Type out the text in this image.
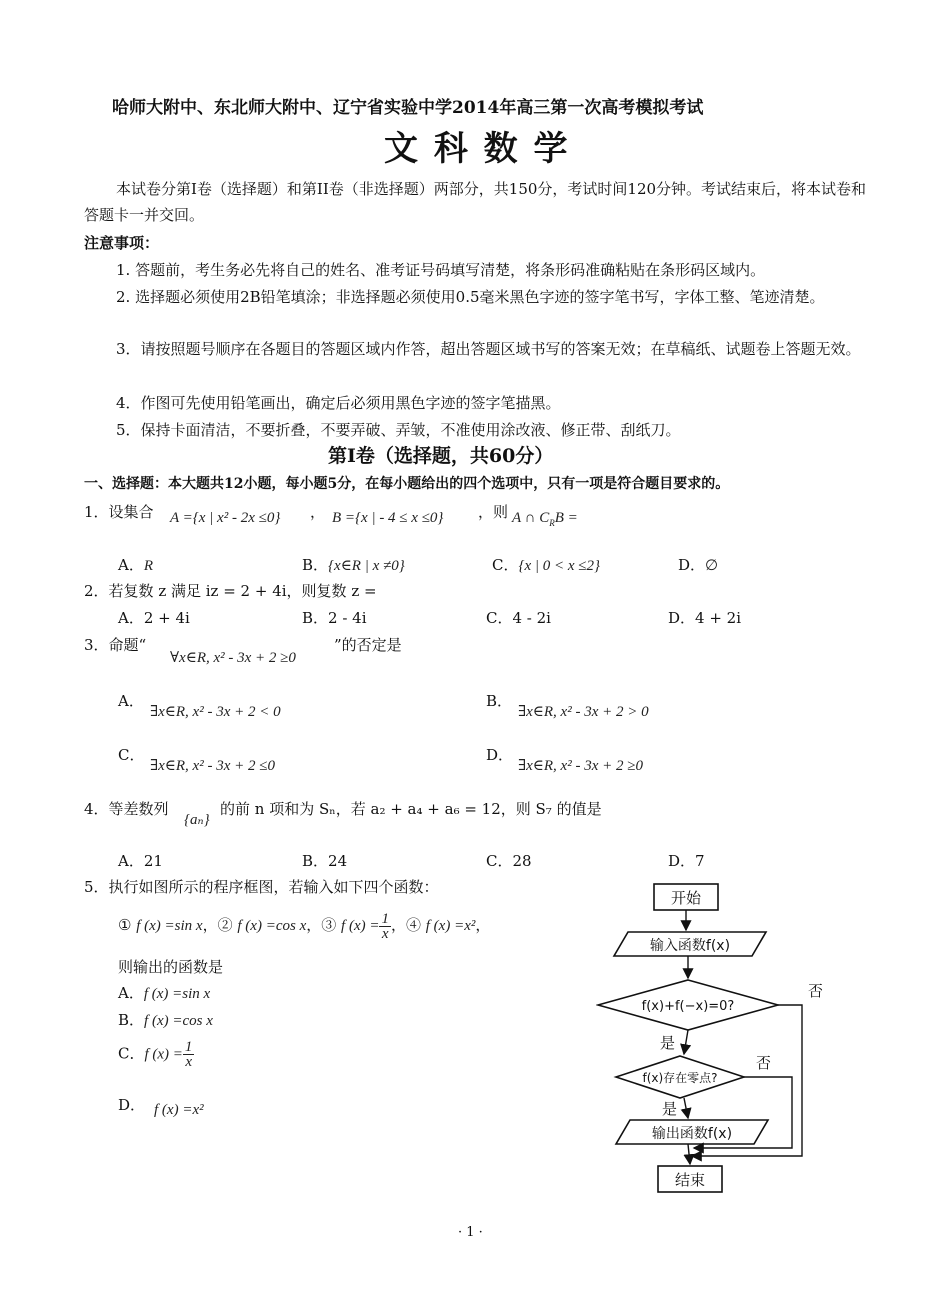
哈师大附中、东北师大附中、辽宁省实验中学2014年高三第一次高考模拟考试
文 科 数 学
本试卷分第I卷（选择题）和第II卷（非选择题）两部分，共150分，考试时间120分钟。考试结束后，将本试卷和答题卡一并交回。
注意事项：
1. 答题前，考生务必先将自己的姓名、准考证号码填写清楚，将条形码准确粘贴在条形码区域内。
2. 选择题必须使用2B铅笔填涂；非选择题必须使用0.5毫米黑色字迹的签字笔书写，字体工整、笔迹清楚。
3．请按照题号顺序在各题目的答题区域内作答，超出答题区域书写的答案无效；在草稿纸、试题卷上答题无效。
4．作图可先使用铅笔画出，确定后必须用黑色字迹的签字笔描黑。
5．保持卡面清洁，不要折叠，不要弄破、弄皱，不准使用涂改液、修正带、刮纸刀。
第I卷（选择题，共60分）
一、选择题：本大题共12小题，每小题5分，在每小题给出的四个选项中，只有一项是符合题目要求的。
1．设集合 A ={x | x² - 2x ≤0} ， B ={x | - 4 ≤ x ≤0} ，则 A ∩ $C_RB$ =
A．R	B．{x∈R | x ≠0}	C．{x | 0 < x ≤2}	D．∅
2．若复数 z 满足 iz = 2 + 4i，则复数 z =
A．2 + 4i	B．2 - 4i	C．4 - 2i	D．4 + 2i
3．命题“
∀x∈R, x² - 3x + 2 ≥0
”的否定是
A．
∃x∈R, x² - 3x + 2 < 0
B．
∃x∈R, x² - 3x + 2 > 0
C．
∃x∈R, x² - 3x + 2 ≤0
D．
∃x∈R, x² - 3x + 2 ≥0
4．等差数列
{aₙ}
的前 n 项和为 Sₙ，若 a₂ + a₄ + a₆ = 12，则 S₇ 的值是
A．21	B．24	C．28	D．7
5．执行如图所示的程序框图，若输入如下四个函数：
① f (x) =sin x，② f (x) =cos x，③ f $(x) = \frac{1}{x}$ ，④ f (x) =x²，
则输出的函数是
A．f (x) =sin x
B．f (x) =cos x
C．f $(x) = \frac{1}{x}$
D． f (x) =x²
开始
输入函数f(x)
f(x)+f(−x)=0?
否
是
f(x)存在零点?
否
是
输出函数f(x)
结束
· 1 ·
